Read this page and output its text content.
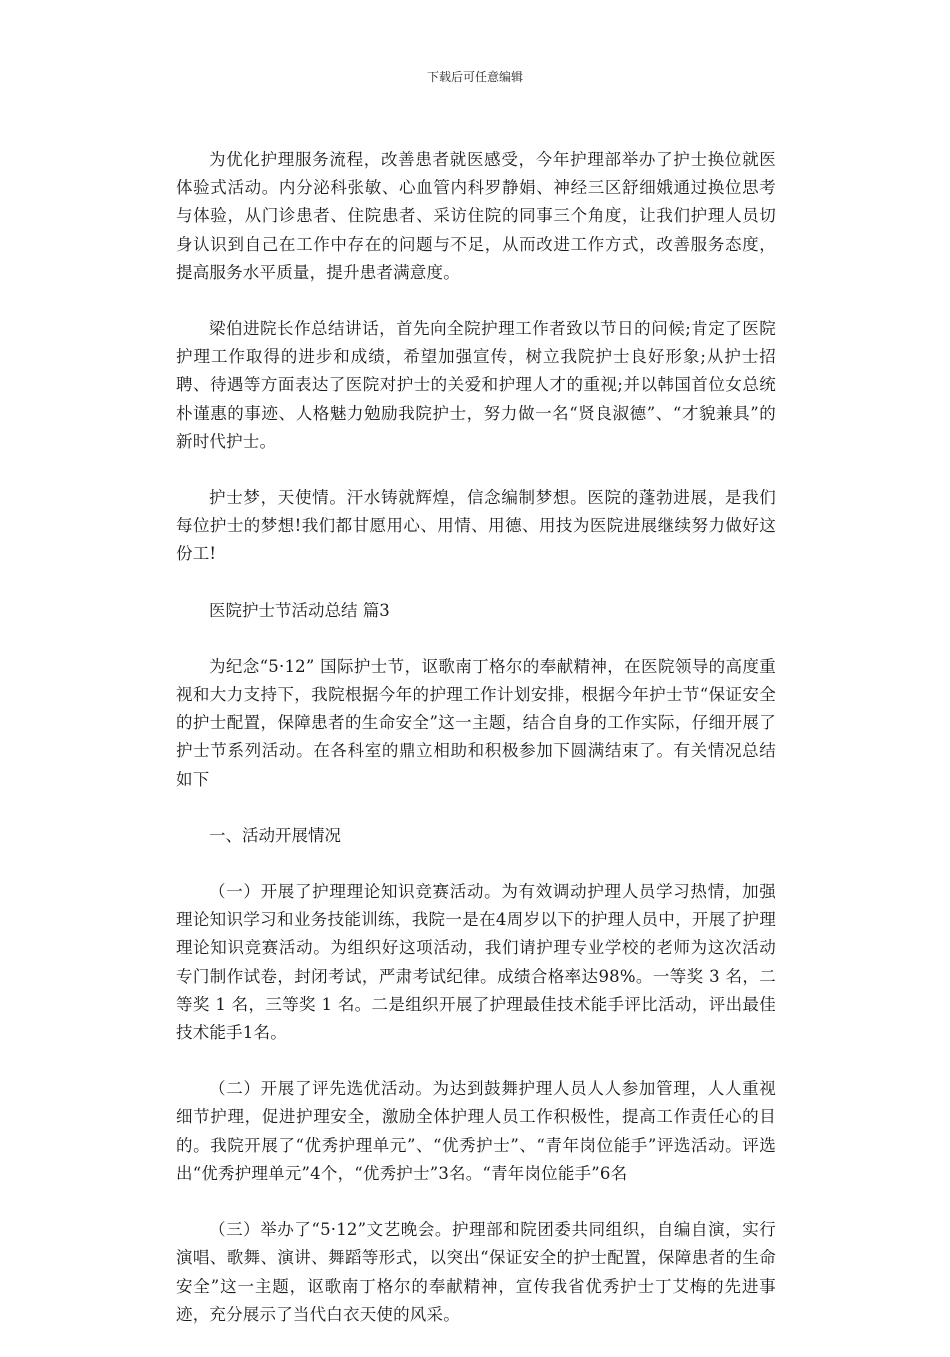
下载后可任意编辑

为优化护理服务流程，改善患者就医感受，今年护理部举办了护士换位就医体验式活动。内分泌科张敏、心血管内科罗静娟、神经三区舒细娥通过换位思考与体验，从门诊患者、住院患者、采访住院的同事三个角度，让我们护理人员切身认识到自己在工作中存在的问题与不足，从而改进工作方式，改善服务态度，提高服务水平质量，提升患者满意度。

梁伯进院长作总结讲话，首先向全院护理工作者致以节日的问候;肯定了医院护理工作取得的进步和成绩，希望加强宣传，树立我院护士良好形象;从护士招聘、待遇等方面表达了医院对护士的关爱和护理人才的重视;并以韩国首位女总统朴谨惠的事迹、人格魅力勉励我院护士，努力做一名“贤良淑德”、“才貌兼具”的新时代护士。

护士梦，天使情。汗水铸就辉煌，信念编制梦想。医院的蓬勃进展，是我们每位护士的梦想!我们都甘愿用心、用情、用德、用技为医院进展继续努力做好这份工!

医院护士节活动总结 篇3

为纪念“5·12” 国际护士节，讴歌南丁格尔的奉献精神，在医院领导的高度重视和大力支持下，我院根据今年的护理工作计划安排，根据今年护士节“保证安全的护士配置，保障患者的生命安全”这一主题，结合自身的工作实际，仔细开展了护士节系列活动。在各科室的鼎立相助和积极参加下圆满结束了。有关情况总结如下

一、活动开展情况

（一）开展了护理理论知识竞赛活动。为有效调动护理人员学习热情，加强理论知识学习和业务技能训练，我院一是在4周岁以下的护理人员中，开展了护理理论知识竞赛活动。为组织好这项活动，我们请护理专业学校的老师为这次活动专门制作试卷，封闭考试，严肃考试纪律。成绩合格率达98%。一等奖 3 名，二等奖 1 名，三等奖 1 名。二是组织开展了护理最佳技术能手评比活动，评出最佳技术能手1名。

（二）开展了评先选优活动。为达到鼓舞护理人员人人参加管理，人人重视细节护理，促进护理安全，激励全体护理人员工作积极性，提高工作责任心的目的。我院开展了“优秀护理单元”、“优秀护士”、“青年岗位能手”评选活动。评选出“优秀护理单元”4个，“优秀护士”3名。“青年岗位能手”6名

（三）举办了“5·12”文艺晚会。护理部和院团委共同组织，自编自演，实行演唱、歌舞、演讲、舞蹈等形式，以突出“保证安全的护士配置，保障患者的生命安全”这一主题，讴歌南丁格尔的奉献精神，宣传我省优秀护士丁艾梅的先进事迹，充分展示了当代白衣天使的风采。
